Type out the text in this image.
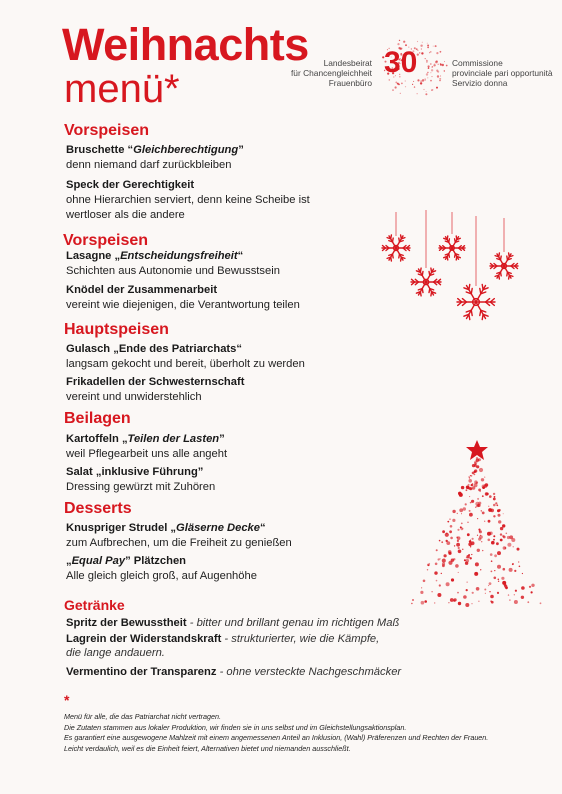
Weihnachts
menü*
Landesbeirat
für Chancengleichheit
Frauenbüro
30	Commissione
provinciale pari opportunità
Servizio donna
Vorspeisen
Bruschette “Gleichberechtigung”
denn niemand darf zurückbleiben
Speck der Gerechtigkeit
ohne Hierarchien serviert, denn keine Scheibe ist
wertloser als die andere
Vorspeisen
Lasagne „Entscheidungsfreiheit“
Schichten aus Autonomie und Bewusstsein
Knödel der Zusammenarbeit
vereint wie diejenigen, die Verantwortung teilen
Hauptspeisen
Gulasch „Ende des Patriarchats“
langsam gekocht und bereit, überholt zu werden
Frikadellen der Schwesternschaft
vereint und unwiderstehlich
Beilagen
Kartoffeln „Teilen der Lasten”
weil Pflegearbeit uns alle angeht
Salat „inklusive Führung”
Dressing gewürzt mit Zuhören
Desserts
Knuspriger Strudel „Gläserne Decke“
zum Aufbrechen, um die Freiheit zu genießen
„Equal Pay” Plätzchen
Alle gleich gleich groß, auf Augenhöhe
Getränke
Spritz der Bewusstheit - bitter und brillant genau im richtigen Maß
Lagrein der Widerstandskraft - strukturierter, wie die Kämpfe,
die lange andauern.
Vermentino der Transparenz - ohne versteckte Nachgeschmäcker
*
Menü für alle, die das Patriarchat nicht vertragen.
Die Zutaten stammen aus lokaler Produktion, wir finden sie in uns selbst und im Gleichstellungsaktionsplan.
Es garantiert eine ausgewogene Mahlzeit mit einem angemessenen Anteil an Inklusion, (Wahl) Präferenzen und Rechten der Frauen.
Leicht verdaulich, weil es die Einheit feiert, Alternativen bietet und niemanden ausschließt.
